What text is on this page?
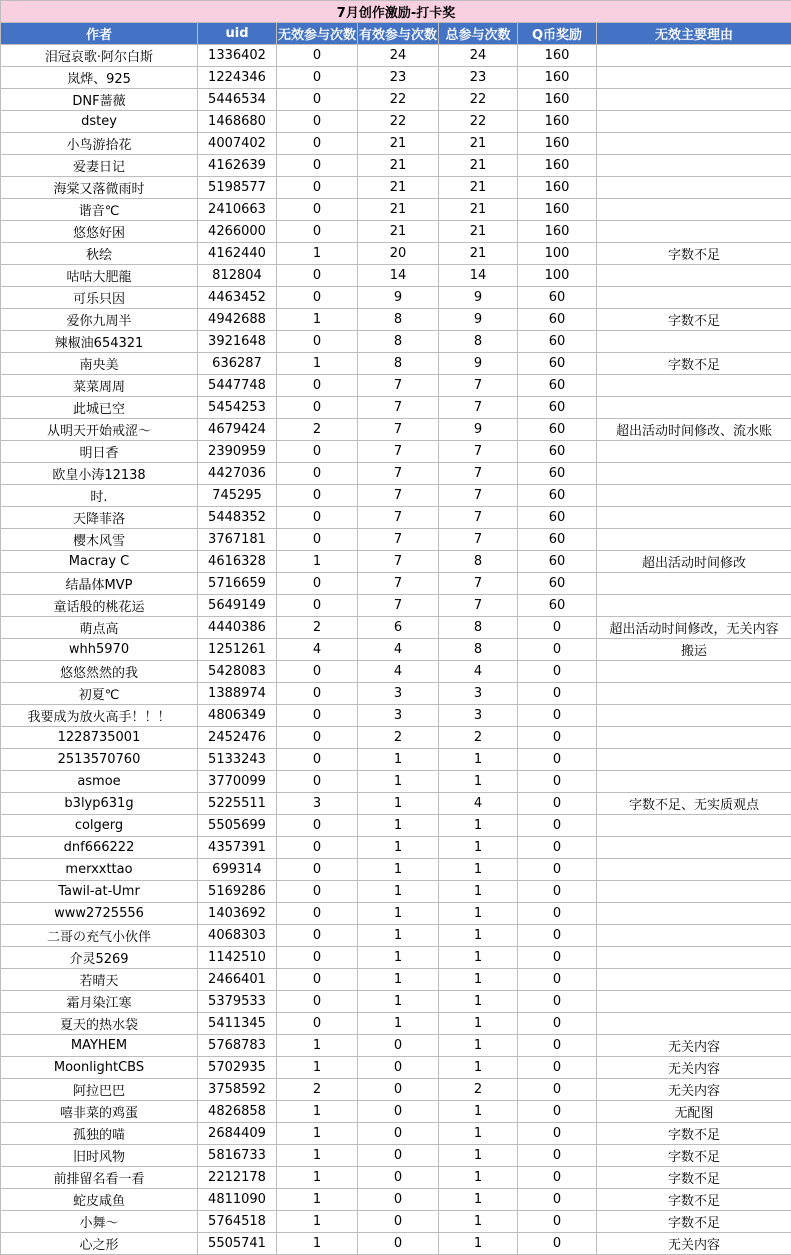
7月创作激励-打卡奖						
作者	uid	无效参与次数	有效参与次数	总参与次数	Q币奖励	无效主要理由
泪冠哀歌·阿尔白斯	1336402	0	24	24	160	
岚烨、925	1224346	0	23	23	160	
DNF蔷薇	5446534	0	22	22	160	
dstey	1468680	0	22	22	160	
小鸟游拾花	4007402	0	21	21	160	
爱妻日记	4162639	0	21	21	160	
海棠又落微雨时	5198577	0	21	21	160	
谐音℃	2410663	0	21	21	160	
悠悠好困	4266000	0	21	21	160	
秋绘	4162440	1	20	21	100	字数不足
咕咕大肥龍	812804	0	14	14	100	
可乐只因	4463452	0	9	9	60	
爱你九周半	4942688	1	8	9	60	字数不足
辣椒油654321	3921648	0	8	8	60	
南央美	636287	1	8	9	60	字数不足
菜菜周周	5447748	0	7	7	60	
此城已空	5454253	0	7	7	60	
从明天开始戒涩～	4679424	2	7	9	60	超出活动时间修改、流水账
明日香	2390959	0	7	7	60	
欧皇小涛12138	4427036	0	7	7	60	
时.	745295	0	7	7	60	
天降菲洛	5448352	0	7	7	60	
樱木风雪	3767181	0	7	7	60	
Macray C	4616328	1	7	8	60	超出活动时间修改
结晶体MVP	5716659	0	7	7	60	
童话般的桃花运	5649149	0	7	7	60	
萌点高	4440386	2	6	8	0	超出活动时间修改，无关内容
whh5970	1251261	4	4	8	0	搬运
悠悠然然的我	5428083	0	4	4	0	
初夏℃	1388974	0	3	3	0	
我要成为放火高手！！！	4806349	0	3	3	0	
1228735001	2452476	0	2	2	0	
2513570760	5133243	0	1	1	0	
asmoe	3770099	0	1	1	0	
b3lyp631g	5225511	3	1	4	0	字数不足、无实质观点
colgerg	5505699	0	1	1	0	
dnf666222	4357391	0	1	1	0	
merxxttao	699314	0	1	1	0	
Tawil-at-Umr	5169286	0	1	1	0	
www2725556	1403692	0	1	1	0	
二哥の充气小伙伴	4068303	0	1	1	0	
介灵5269	1142510	0	1	1	0	
若晴天	2466401	0	1	1	0	
霜月染江寒	5379533	0	1	1	0	
夏天的热水袋	5411345	0	1	1	0	
MAYHEM	5768783	1	0	1	0	无关内容
MoonlightCBS	5702935	1	0	1	0	无关内容
阿拉巴巴	3758592	2	0	2	0	无关内容
嘻非菜的鸡蛋	4826858	1	0	1	0	无配图
孤独的喵	2684409	1	0	1	0	字数不足
旧时风物	5816733	1	0	1	0	字数不足
前排留名看一看	2212178	1	0	1	0	字数不足
蛇皮咸鱼	4811090	1	0	1	0	字数不足
小舞～	5764518	1	0	1	0	字数不足
心之形	5505741	1	0	1	0	无关内容
